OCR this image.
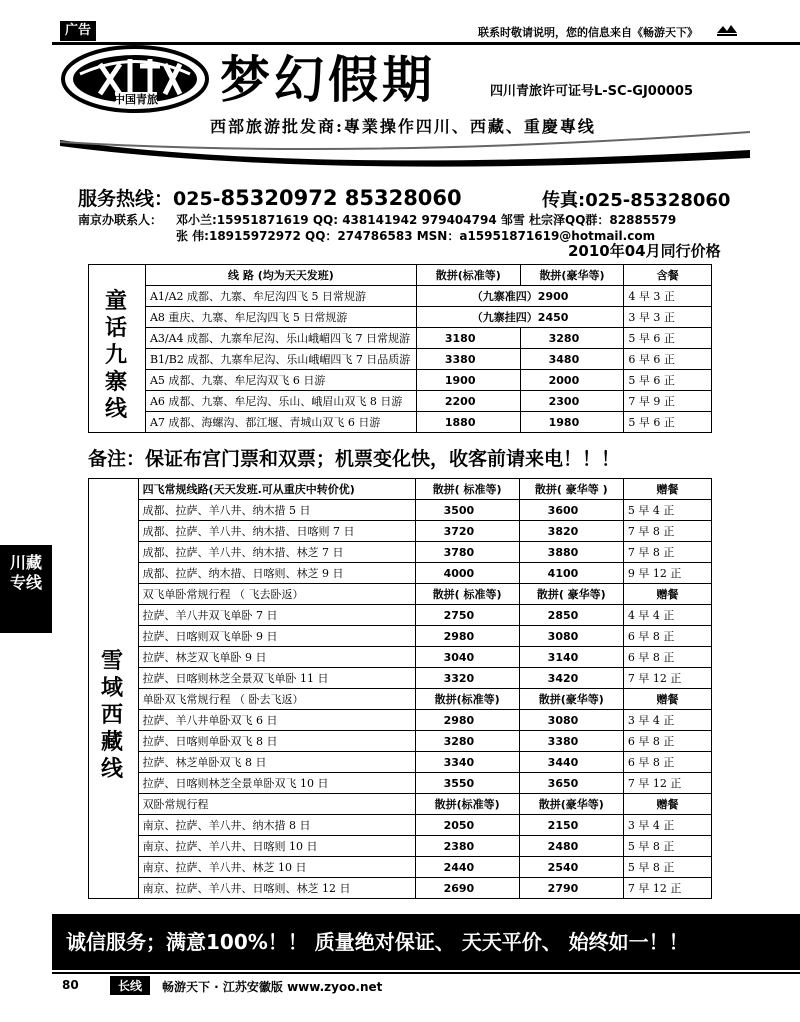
广告	联系时敬请说明，您的信息来自《畅游天下》
中国青旅 梦幻假期	四川青旅许可证号L-SC-GJ00005
西部旅游批发商:專業操作四川、西藏、重慶專线
服务热线：025-85320972 85328060	传真:025-85328060
南京办联系人： 邓小兰:15951871619 QQ: 438141942 979404794 邹雪 杜宗泽QQ群：82885579
张 伟:18915972972 QQ：274786583 MSN：a15951871619@hotmail.com
2010年04月同行价格
	线 路 (均为天天发班)	散拼(标准等)	散拼(豪华等)	含餐
	A1/A2 成都、九寨、牟尼沟四飞 5 日常规游	（九寨准四）2900		4 早 3 正
	A8 重庆、九寨、牟尼沟四飞 5 日常规游	（九寨挂四）2450		3 早 3 正
	A3/A4 成都、九寨牟尼沟、乐山峨嵋四飞 7 日常规游	3180	3280	5 早 6 正
	B1/B2 成都、九寨牟尼沟、乐山峨嵋四飞 7 日品质游	3380	3480	6 早 6 正
	A5 成都、九寨、牟尼沟双飞 6 日游	1900	2000	5 早 6 正
	A6 成都、九寨、牟尼沟、乐山、峨眉山双飞 8 日游	2200	2300	7 早 9 正
	A7 成都、海螺沟、都江堰、青城山双飞 6 日游	1880	1980	5 早 6 正
童话九寨线
备注：保证布宫门票和双票；机票变化快，收客前请来电！！！
川藏
专线
	四飞常规线路(天天发班.可从重庆中转价优)	散拼( 标准等)	散拼( 豪华等 )	赠餐
	成都、拉萨、羊八井、纳木措 5 日	3500	3600	5 早 4 正
	成都、拉萨、羊八井、纳木措、日喀则 7 日	3720	3820	7 早 8 正
	成都、拉萨、羊八井、纳木措、林芝 7 日	3780	3880	7 早 8 正
	成都、拉萨、纳木措、日喀则、林芝 9 日	4000	4100	9 早 12 正
	双飞单卧常规行程 （ 飞去卧返）	散拼( 标准等)	散拼( 豪华等)	赠餐
	拉萨、羊八井双飞单卧 7 日	2750	2850	4 早 4 正
	拉萨、日喀则双飞单卧 9 日	2980	3080	6 早 8 正
	拉萨、林芝双飞单卧 9 日	3040	3140	6 早 8 正
	拉萨、日喀则林芝全景双飞单卧 11 日	3320	3420	7 早 12 正
	单卧双飞常规行程 （ 卧去飞返）	散拼(标准等)	散拼(豪华等)	赠餐
	拉萨、羊八井单卧双飞 6 日	2980	3080	3 早 4 正
	拉萨、日喀则单卧双飞 8 日	3280	3380	6 早 8 正
	拉萨、林芝单卧双飞 8 日	3340	3440	6 早 8 正
	拉萨、日喀则林芝全景单卧双飞 10 日	3550	3650	7 早 12 正
	双卧常规行程	散拼(标准等)	散拼(豪华等)	赠餐
	南京、拉萨、羊八井、纳木措 8 日	2050	2150	3 早 4 正
	南京、拉萨、羊八井、日喀则 10 日	2380	2480	5 早 8 正
	南京、拉萨、羊八井、林芝 10 日	2440	2540	5 早 8 正
	南京、拉萨、羊八井、日喀则、林芝 12 日	2690	2790	7 早 12 正
雪域西藏线
诚信服务；满意100%！！ 质量绝对保证、 天天平价、 始终如一！！
80	长线	畅游天下 · 江苏安徽版 www.zyoo.net
